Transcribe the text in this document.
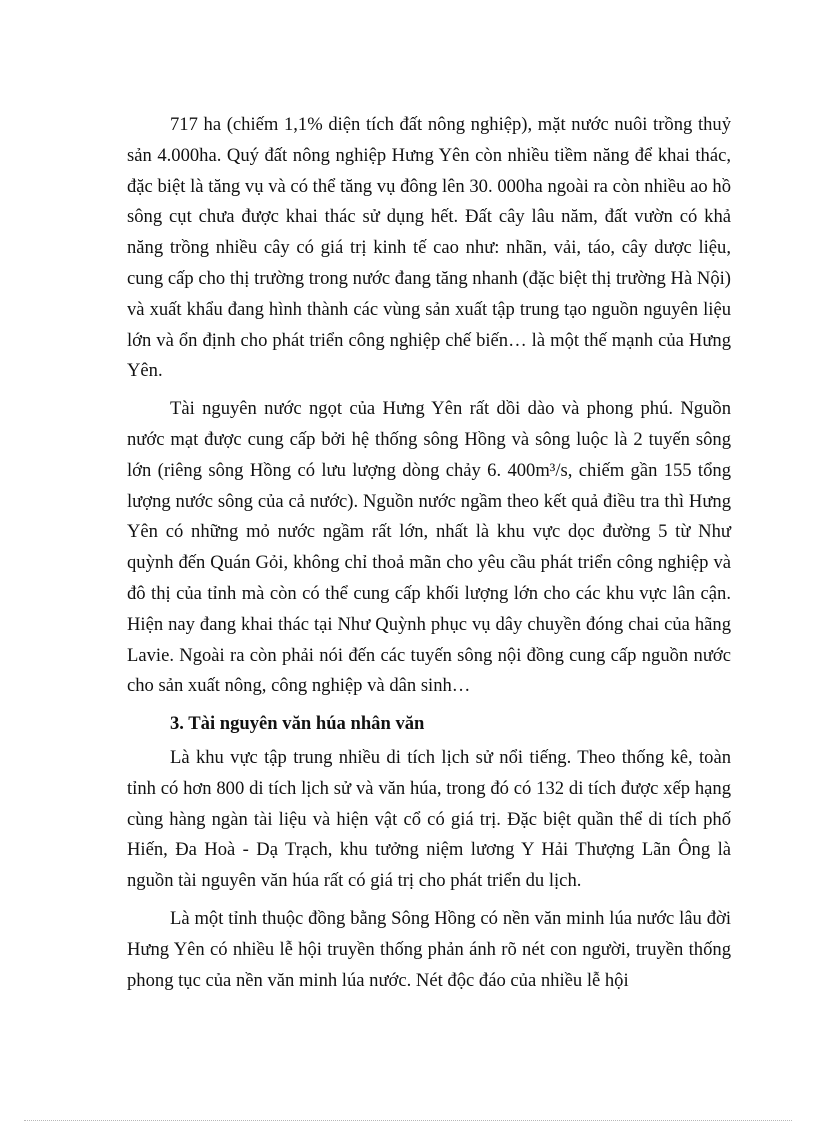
717 ha (chiếm 1,1% diện tích đất nông nghiệp), mặt nước nuôi trồng thuỷ sản 4.000ha. Quý đất nông nghiệp Hưng Yên còn nhiều tiềm năng để khai thác, đặc biệt là tăng vụ và có thể tăng vụ đông lên 30. 000ha ngoài ra còn nhiều ao hồ sông cụt chưa được khai thác sử dụng hết. Đất cây lâu năm, đất vườn có khả năng trồng nhiều cây có giá trị kinh tế cao như: nhãn, vải, táo, cây dược liệu, cung cấp cho thị trường trong nước đang tăng nhanh (đặc biệt thị trường Hà Nội) và xuất khẩu đang hình thành các vùng sản xuất tập trung tạo nguồn nguyên liệu lớn và ổn định cho phát triển công nghiệp chế biến… là một thế mạnh của Hưng Yên.

Tài nguyên nước ngọt của Hưng Yên rất dồi dào và phong phú. Nguồn nước mạt được cung cấp bởi hệ thống sông Hồng và sông luộc là 2 tuyến sông lớn (riêng sông Hồng có lưu lượng dòng chảy 6. 400m³/s, chiếm gần 155 tổng lượng nước sông của cả nước). Nguồn nước ngầm theo kết quả điều tra thì Hưng Yên có những mỏ nước ngầm rất lớn, nhất là khu vực dọc đường 5 từ Như quỳnh đến Quán Gỏi, không chỉ thoả mãn cho yêu cầu phát triển công nghiệp và đô thị của tỉnh mà còn có thể cung cấp khối lượng lớn cho các khu vực lân cận. Hiện nay đang khai thác tại Như Quỳnh phục vụ dây chuyền đóng chai của hãng Lavie. Ngoài ra còn phải nói đến các tuyến sông nội đồng cung cấp nguồn nước cho sản xuất nông, công nghiệp và dân sinh…

3. Tài nguyên văn húa nhân văn

Là khu vực tập trung nhiều di tích lịch sử nổi tiếng. Theo thống kê, toàn tỉnh có hơn 800 di tích lịch sử và văn húa, trong đó có 132 di tích được xếp hạng cùng hàng ngàn tài liệu và hiện vật cổ có giá trị. Đặc biệt quần thể di tích phố Hiến, Đa Hoà - Dạ Trạch, khu tưởng niệm lương Y Hải Thượng Lãn Ông là nguồn tài nguyên văn húa rất có giá trị cho phát triển du lịch.

Là một tỉnh thuộc đồng bằng Sông Hồng có nền văn minh lúa nước lâu đời Hưng Yên có nhiều lễ hội truyền thống phản ánh rõ nét con người, truyền thống phong tục của nền văn minh lúa nước. Nét độc đáo của nhiều lễ hội
